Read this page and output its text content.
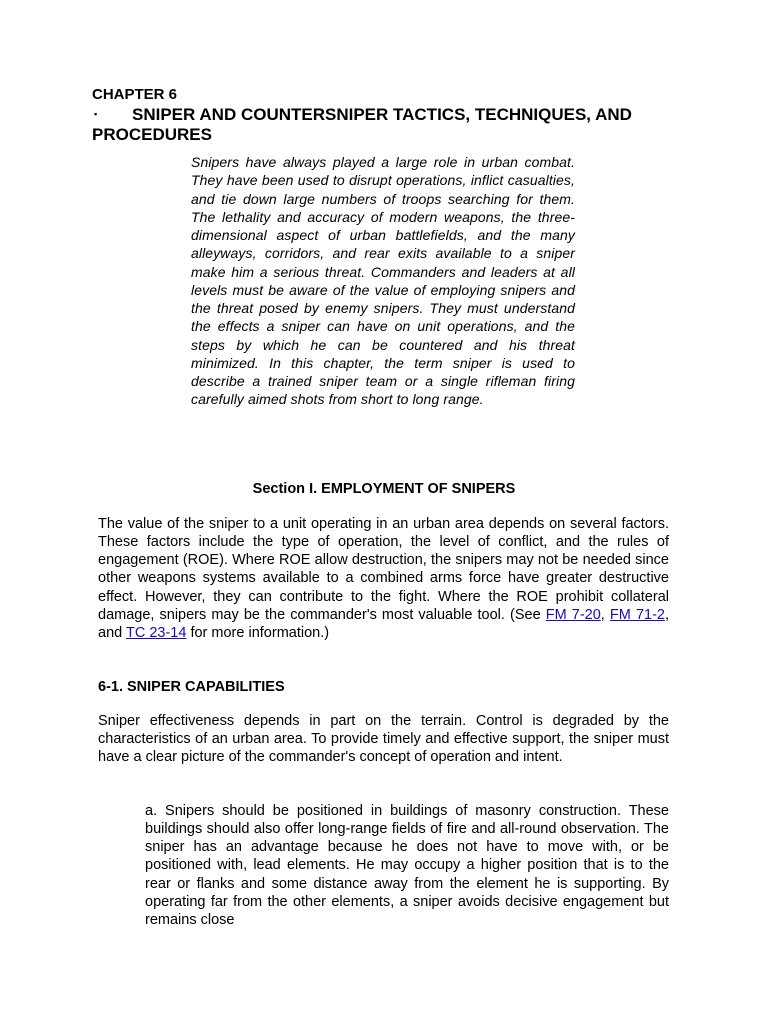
CHAPTER 6
▪ SNIPER AND COUNTERSNIPER TACTICS, TECHNIQUES, AND PROCEDURES
Snipers have always played a large role in urban combat. They have been used to disrupt operations, inflict casualties, and tie down large numbers of troops searching for them. The lethality and accuracy of modern weapons, the three-dimensional aspect of urban battlefields, and the many alleyways, corridors, and rear exits available to a sniper make him a serious threat. Commanders and leaders at all levels must be aware of the value of employing snipers and the threat posed by enemy snipers. They must understand the effects a sniper can have on unit operations, and the steps by which he can be countered and his threat minimized. In this chapter, the term sniper is used to describe a trained sniper team or a single rifleman firing carefully aimed shots from short to long range.
Section I. EMPLOYMENT OF SNIPERS
The value of the sniper to a unit operating in an urban area depends on several factors. These factors include the type of operation, the level of conflict, and the rules of engagement (ROE). Where ROE allow destruction, the snipers may not be needed since other weapons systems available to a combined arms force have greater destructive effect. However, they can contribute to the fight. Where the ROE prohibit collateral damage, snipers may be the commander's most valuable tool. (See FM 7-20, FM 71-2, and TC 23-14 for more information.)
6-1. SNIPER CAPABILITIES
Sniper effectiveness depends in part on the terrain. Control is degraded by the characteristics of an urban area. To provide timely and effective support, the sniper must have a clear picture of the commander's concept of operation and intent.
a. Snipers should be positioned in buildings of masonry construction. These buildings should also offer long-range fields of fire and all-round observation. The sniper has an advantage because he does not have to move with, or be positioned with, lead elements. He may occupy a higher position that is to the rear or flanks and some distance away from the element he is supporting. By operating far from the other elements, a sniper avoids decisive engagement but remains close
